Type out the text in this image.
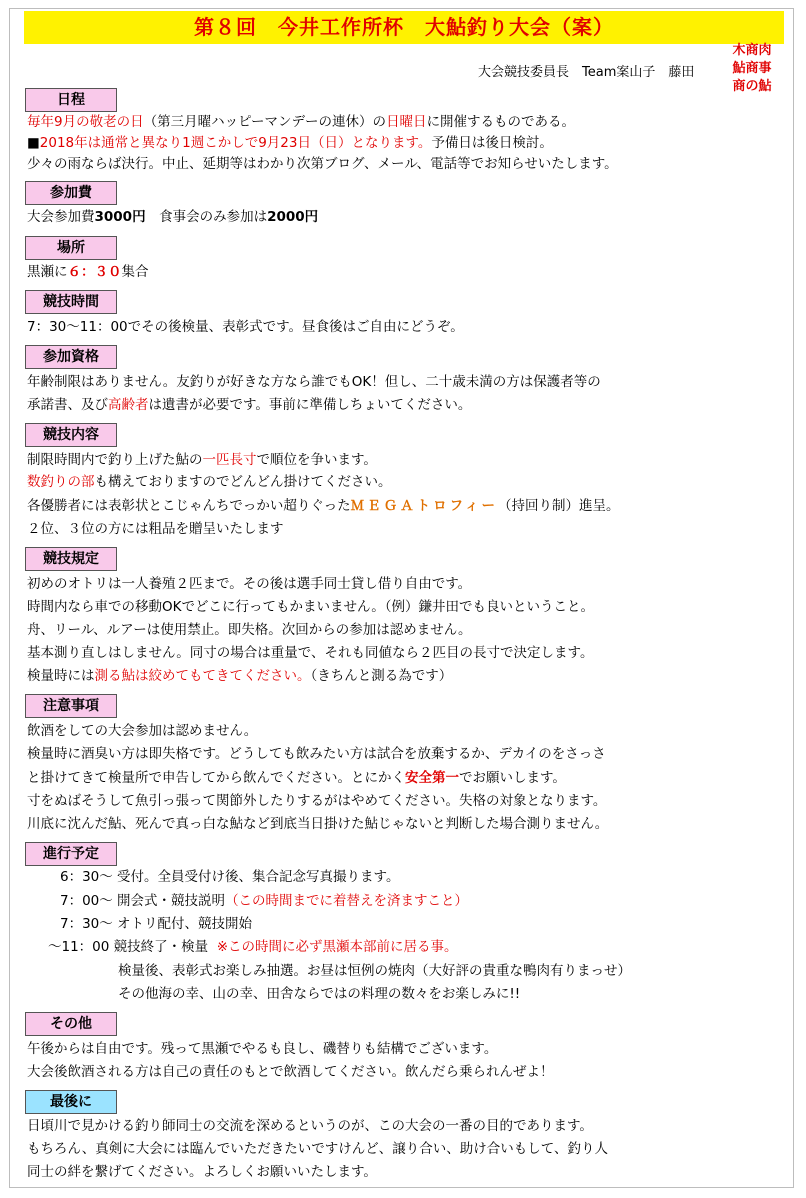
第８回　今井工作所杯　大鮎釣り大会（案）
大会競技委員長　Team案山子　藤田
木商肉
鮎商事
商の鮎
日程
毎年9月の敬老の日（第三月曜ハッピーマンデーの連休）の日曜日に開催するものである。
■2018年は通常と異なり1週こかしで9月23日（日）となります。予備日は後日検討。
少々の雨ならば決行。中止、延期等はわかり次第ブログ、メール、電話等でお知らせいたします。
参加費
大会参加費3000円　食事会のみ参加は2000円
場所
黒瀬に６：３０集合
競技時間
7：30～11：00でその後検量、表彰式です。昼食後はご自由にどうぞ。
参加資格
年齢制限はありません。友釣りが好きな方なら誰でもOK！但し、二十歳未満の方は保護者等の
承諾書、及び高齢者は遺書が必要です。事前に準備しちょいてください。
競技内容
制限時間内で釣り上げた鮎の一匹長寸で順位を争います。
数釣りの部も構えておりますのでどんどん掛けてください。
各優勝者には表彰状とこじゃんちでっかい超りぐったＭＥＧＡトロフィー（持回り制）進呈。
２位、３位の方には粗品を贈呈いたします
競技規定
初めのオトリは一人養殖２匹まで。その後は選手同士貸し借り自由です。
時間内なら車での移動OKでどこに行ってもかまいません。（例）鎌井田でも良いということ。
舟、リール、ルアーは使用禁止。即失格。次回からの参加は認めません。
基本測り直しはしません。同寸の場合は重量で、それも同値なら２匹目の長寸で決定します。
検量時には測る鮎は絞めてもてきてください。（きちんと測る為です）
注意事項
飲酒をしての大会参加は認めません。
検量時に酒臭い方は即失格です。どうしても飲みたい方は試合を放棄するか、デカイのをさっさ
と掛けてきて検量所で申告してから飲んでください。とにかく安全第一でお願いします。
寸をぬばそうして魚引っ張って関節外したりするがはやめてください。失格の対象となります。
川底に沈んだ鮎、死んで真っ白な鮎など到底当日掛けた鮎じゃないと判断した場合測りません。
進行予定
6：30～ 受付。全員受付け後、集合記念写真撮ります。
7：00～ 開会式・競技説明（この時間までに着替えを済ますこと）
7：30～ オトリ配付、競技開始
～11：00 競技終了・検量 ※この時間に必ず黒瀬本部前に居る事。
検量後、表彰式お楽しみ抽選。お昼は恒例の焼肉（大好評の貴重な鴨肉有りまっせ）
その他海の幸、山の幸、田舎ならではの料理の数々をお楽しみに!!
その他
午後からは自由です。残って黒瀬でやるも良し、磯替りも結構でございます。
大会後飲酒される方は自己の責任のもとで飲酒してください。飲んだら乗られんぜよ！
最後に
日頃川で見かける釣り師同士の交流を深めるというのが、この大会の一番の目的であります。
もちろん、真剣に大会には臨んでいただきたいですけんど、譲り合い、助け合いもして、釣り人
同士の絆を繋げてください。よろしくお願いいたします。
